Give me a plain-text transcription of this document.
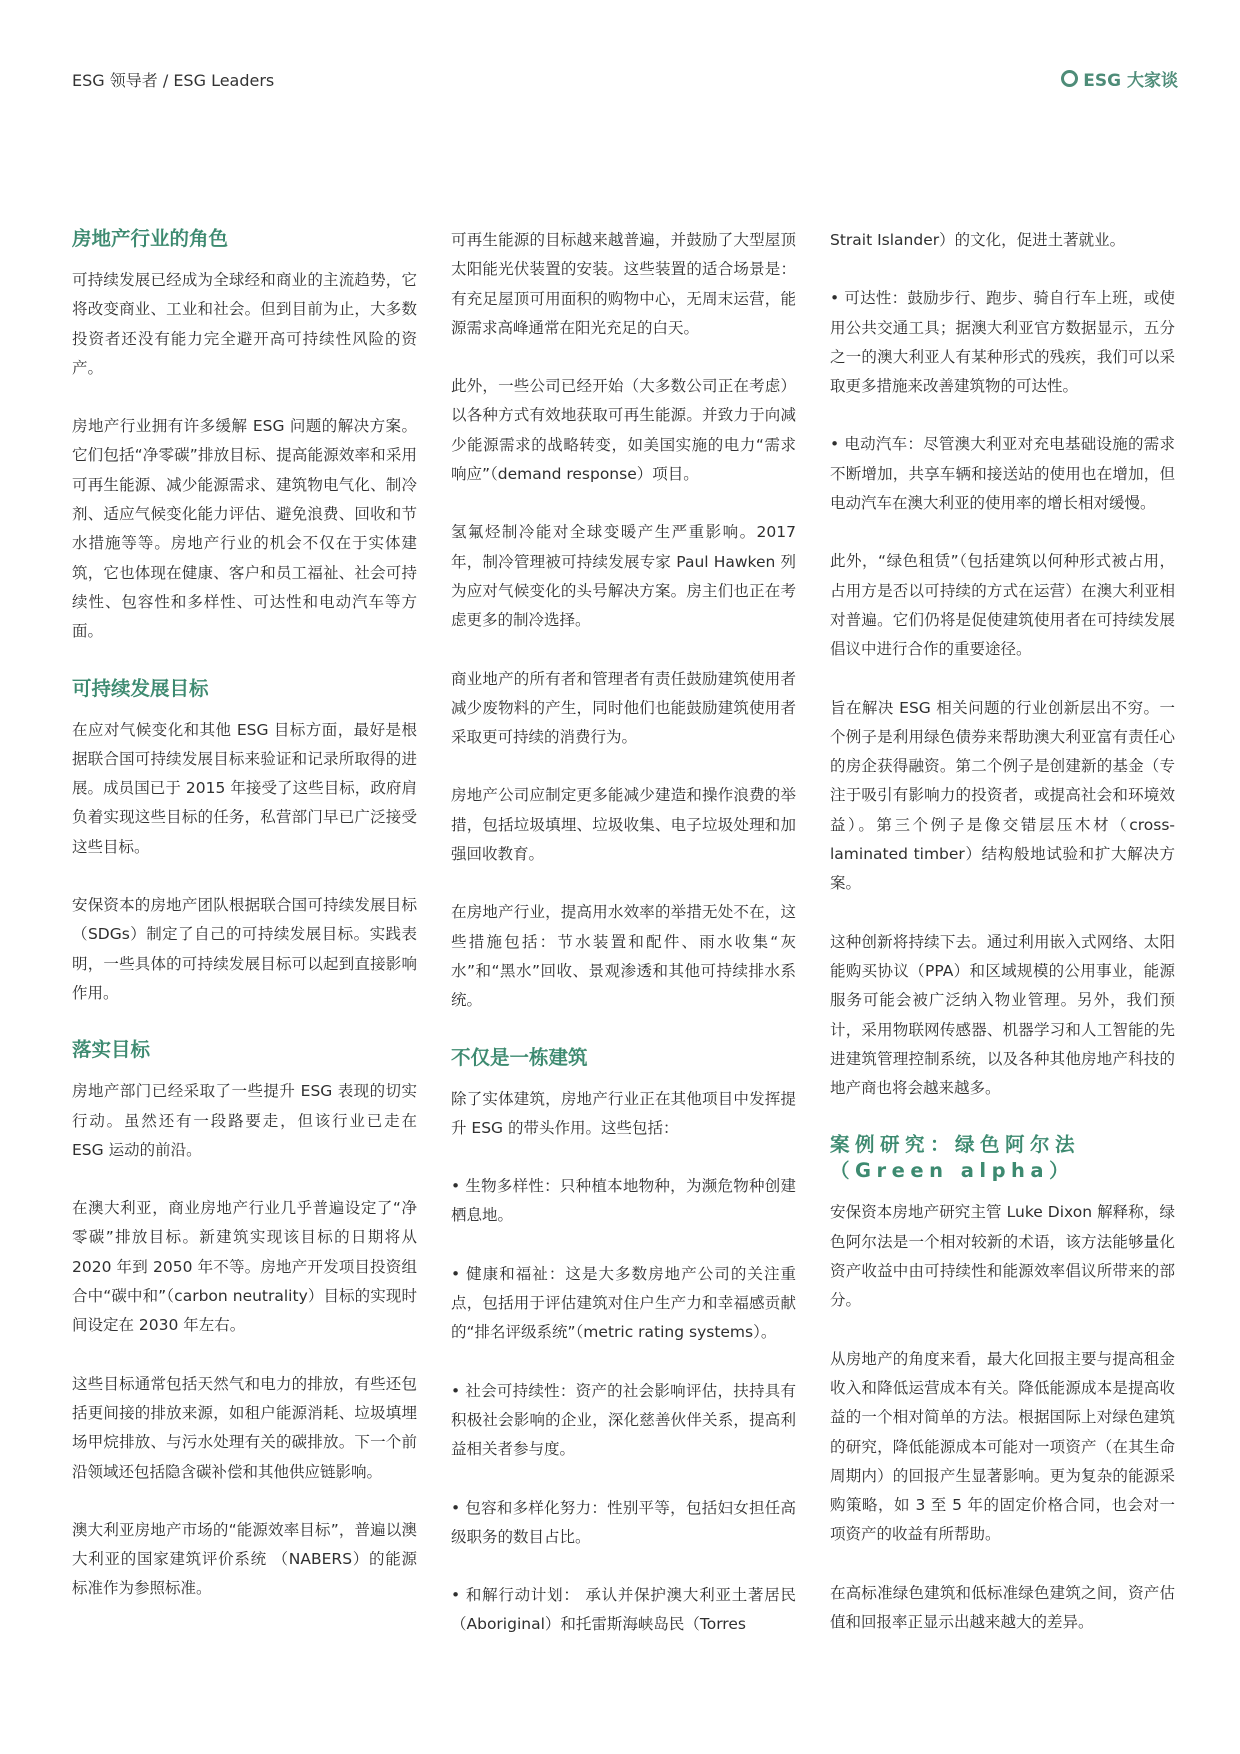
ESG 领导者 / ESG Leaders	ESG 大家谈
房地产行业的角色

可持续发展已经成为全球经和商业的主流趋势，它将改变商业、工业和社会。但到目前为止，大多数投资者还没有能力完全避开高可持续性风险的资产。

房地产行业拥有许多缓解 ESG 问题的解决方案。它们包括“净零碳”排放目标、提高能源效率和采用可再生能源、减少能源需求、建筑物电气化、制冷剂、适应气候变化能力评估、避免浪费、回收和节水措施等等。房地产行业的机会不仅在于实体建筑，它也体现在健康、客户和员工福祉、社会可持续性、包容性和多样性、可达性和电动汽车等方面。

可持续发展目标

在应对气候变化和其他 ESG 目标方面，最好是根据联合国可持续发展目标来验证和记录所取得的进展。成员国已于 2015 年接受了这些目标，政府肩负着实现这些目标的任务，私营部门早已广泛接受这些目标。

安保资本的房地产团队根据联合国可持续发展目标（SDGs）制定了自己的可持续发展目标。实践表明，一些具体的可持续发展目标可以起到直接影响作用。

落实目标

房地产部门已经采取了一些提升 ESG 表现的切实行动。虽然还有一段路要走，但该行业已走在 ESG 运动的前沿。

在澳大利亚，商业房地产行业几乎普遍设定了“净零碳”排放目标。新建筑实现该目标的日期将从 2020 年到 2050 年不等。房地产开发项目投资组合中“碳中和”（carbon neutrality）目标的实现时间设定在 2030 年左右。

这些目标通常包括天然气和电力的排放，有些还包括更间接的排放来源，如租户能源消耗、垃圾填埋场甲烷排放、与污水处理有关的碳排放。下一个前沿领域还包括隐含碳补偿和其他供应链影响。

澳大利亚房地产市场的“能源效率目标”，普遍以澳大利亚的国家建筑评价系统 （NABERS）的能源标准作为参照标准。

可再生能源的目标越来越普遍，并鼓励了大型屋顶太阳能光伏装置的安装。这些装置的适合场景是：有充足屋顶可用面积的购物中心，无周末运营，能源需求高峰通常在阳光充足的白天。

此外，一些公司已经开始（大多数公司正在考虑）以各种方式有效地获取可再生能源。并致力于向减少能源需求的战略转变，如美国实施的电力“需求响应”（demand response）项目。

氢氟烃制冷能对全球变暖产生严重影响。2017 年，制冷管理被可持续发展专家 Paul Hawken 列为应对气候变化的头号解决方案。房主们也正在考虑更多的制冷选择。

商业地产的所有者和管理者有责任鼓励建筑使用者减少废物料的产生，同时他们也能鼓励建筑使用者采取更可持续的消费行为。

房地产公司应制定更多能减少建造和操作浪费的举措，包括垃圾填埋、垃圾收集、电子垃圾处理和加强回收教育。

在房地产行业，提高用水效率的举措无处不在，这些措施包括：节水装置和配件、雨水收集“灰水”和“黑水”回收、景观渗透和其他可持续排水系统。

不仅是一栋建筑

除了实体建筑，房地产行业正在其他项目中发挥提升 ESG 的带头作用。这些包括：

• 生物多样性：只种植本地物种，为濒危物种创建栖息地。

• 健康和福祉：这是大多数房地产公司的关注重点，包括用于评估建筑对住户生产力和幸福感贡献的“排名评级系统”（metric rating systems）。

• 社会可持续性：资产的社会影响评估，扶持具有积极社会影响的企业，深化慈善伙伴关系，提高利益相关者参与度。

• 包容和多样化努力：性别平等，包括妇女担任高级职务的数目占比。

• 和解行动计划： 承认并保护澳大利亚土著居民（Aboriginal）和托雷斯海峡岛民（Torres

Strait Islander）的文化，促进土著就业。

• 可达性：鼓励步行、跑步、骑自行车上班，或使用公共交通工具；据澳大利亚官方数据显示，五分之一的澳大利亚人有某种形式的残疾，我们可以采取更多措施来改善建筑物的可达性。

• 电动汽车：尽管澳大利亚对充电基础设施的需求不断增加，共享车辆和接送站的使用也在增加，但电动汽车在澳大利亚的使用率的增长相对缓慢。

此外，“绿色租赁”（包括建筑以何种形式被占用，占用方是否以可持续的方式在运营）在澳大利亚相对普遍。它们仍将是促使建筑使用者在可持续发展倡议中进行合作的重要途径。

旨在解决 ESG 相关问题的行业创新层出不穷。一个例子是利用绿色债券来帮助澳大利亚富有责任心的房企获得融资。第二个例子是创建新的基金（专注于吸引有影响力的投资者，或提高社会和环境效益）。第三个例子是像交错层压木材（cross-laminated timber）结构般地试验和扩大解决方案。

这种创新将持续下去。通过利用嵌入式网络、太阳能购买协议（PPA）和区域规模的公用事业，能源服务可能会被广泛纳入物业管理。另外，我们预计，采用物联网传感器、机器学习和人工智能的先进建筑管理控制系统，以及各种其他房地产科技的地产商也将会越来越多。

案例研究：绿色阿尔法（Green alpha）

安保资本房地产研究主管 Luke Dixon 解释称，绿色阿尔法是一个相对较新的术语，该方法能够量化资产收益中由可持续性和能源效率倡议所带来的部分。

从房地产的角度来看，最大化回报主要与提高租金收入和降低运营成本有关。降低能源成本是提高收益的一个相对简单的方法。根据国际上对绿色建筑的研究，降低能源成本可能对一项资产（在其生命周期内）的回报产生显著影响。更为复杂的能源采购策略，如 3 至 5 年的固定价格合同，也会对一项资产的收益有所帮助。

在高标准绿色建筑和低标准绿色建筑之间，资产估值和回报率正显示出越来越大的差异。
